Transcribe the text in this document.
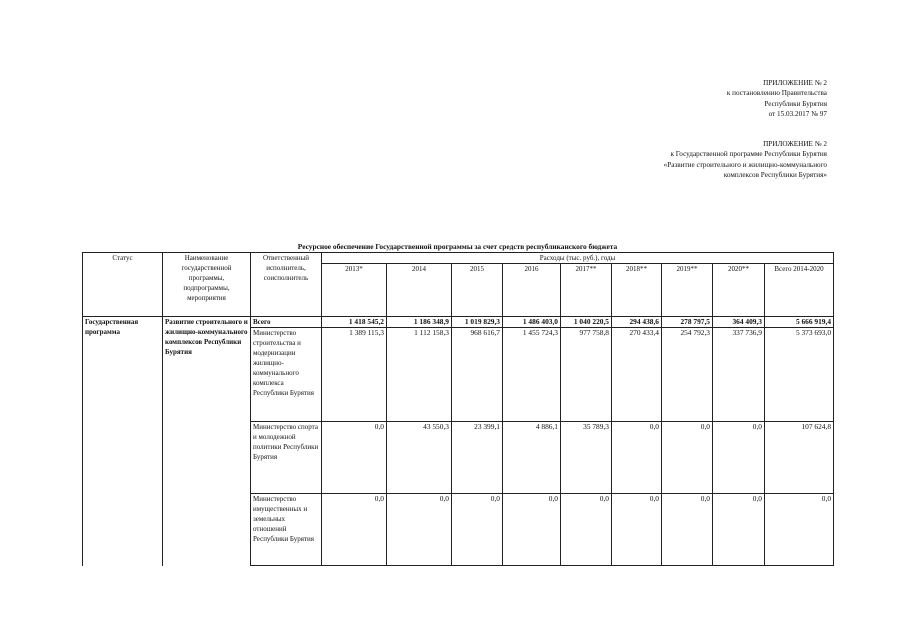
ПРИЛОЖЕНИЕ № 2
к постановлению Правительства
Республики Бурятия
от 15.03.2017 № 97
ПРИЛОЖЕНИЕ № 2
к Государственной программе Республики Бурятия
«Развитие строительного и жилищно-коммунального комплексов Республики Бурятия»
Ресурсное обеспечение Государственной программы за счет средств республиканского бюджета
Статус	Наименование государственной программы, подпрограммы, мероприятия	Ответственный исполнитель, соисполнитель	Расходы (тыс. руб.), годы								
			2013*	2014	2015	2016	2017**	2018**	2019**	2020**	Всего 2014-2020
Государственная программа	Развитие строительного и жилищно-коммунального комплексов Республики Бурятия	Всего	1 418 545,2	1 186 348,9	1 019 829,3	1 486 403,0	1 040 220,5	294 438,6	278 797,5	364 409,3	5 666 919,4
		Министерство строительства и модернизации жилищно-коммунального комплекса Республики Бурятия	1 389 115,3	1 112 158,3	968 616,7	1 455 724,3	977 758,8	270 433,4	254 792,3	337 736,9	5 373 693,0
		Министерство спорта и молодежной политики Республики Бурятия	0,0	43 550,3	23 399,1	4 886,1	35 789,3	0,0	0,0	0,0	107 624,8
		Министерство имущественных и земельных отношений Республики Бурятия	0,0	0,0	0,0	0,0	0,0	0,0	0,0	0,0	0,0
